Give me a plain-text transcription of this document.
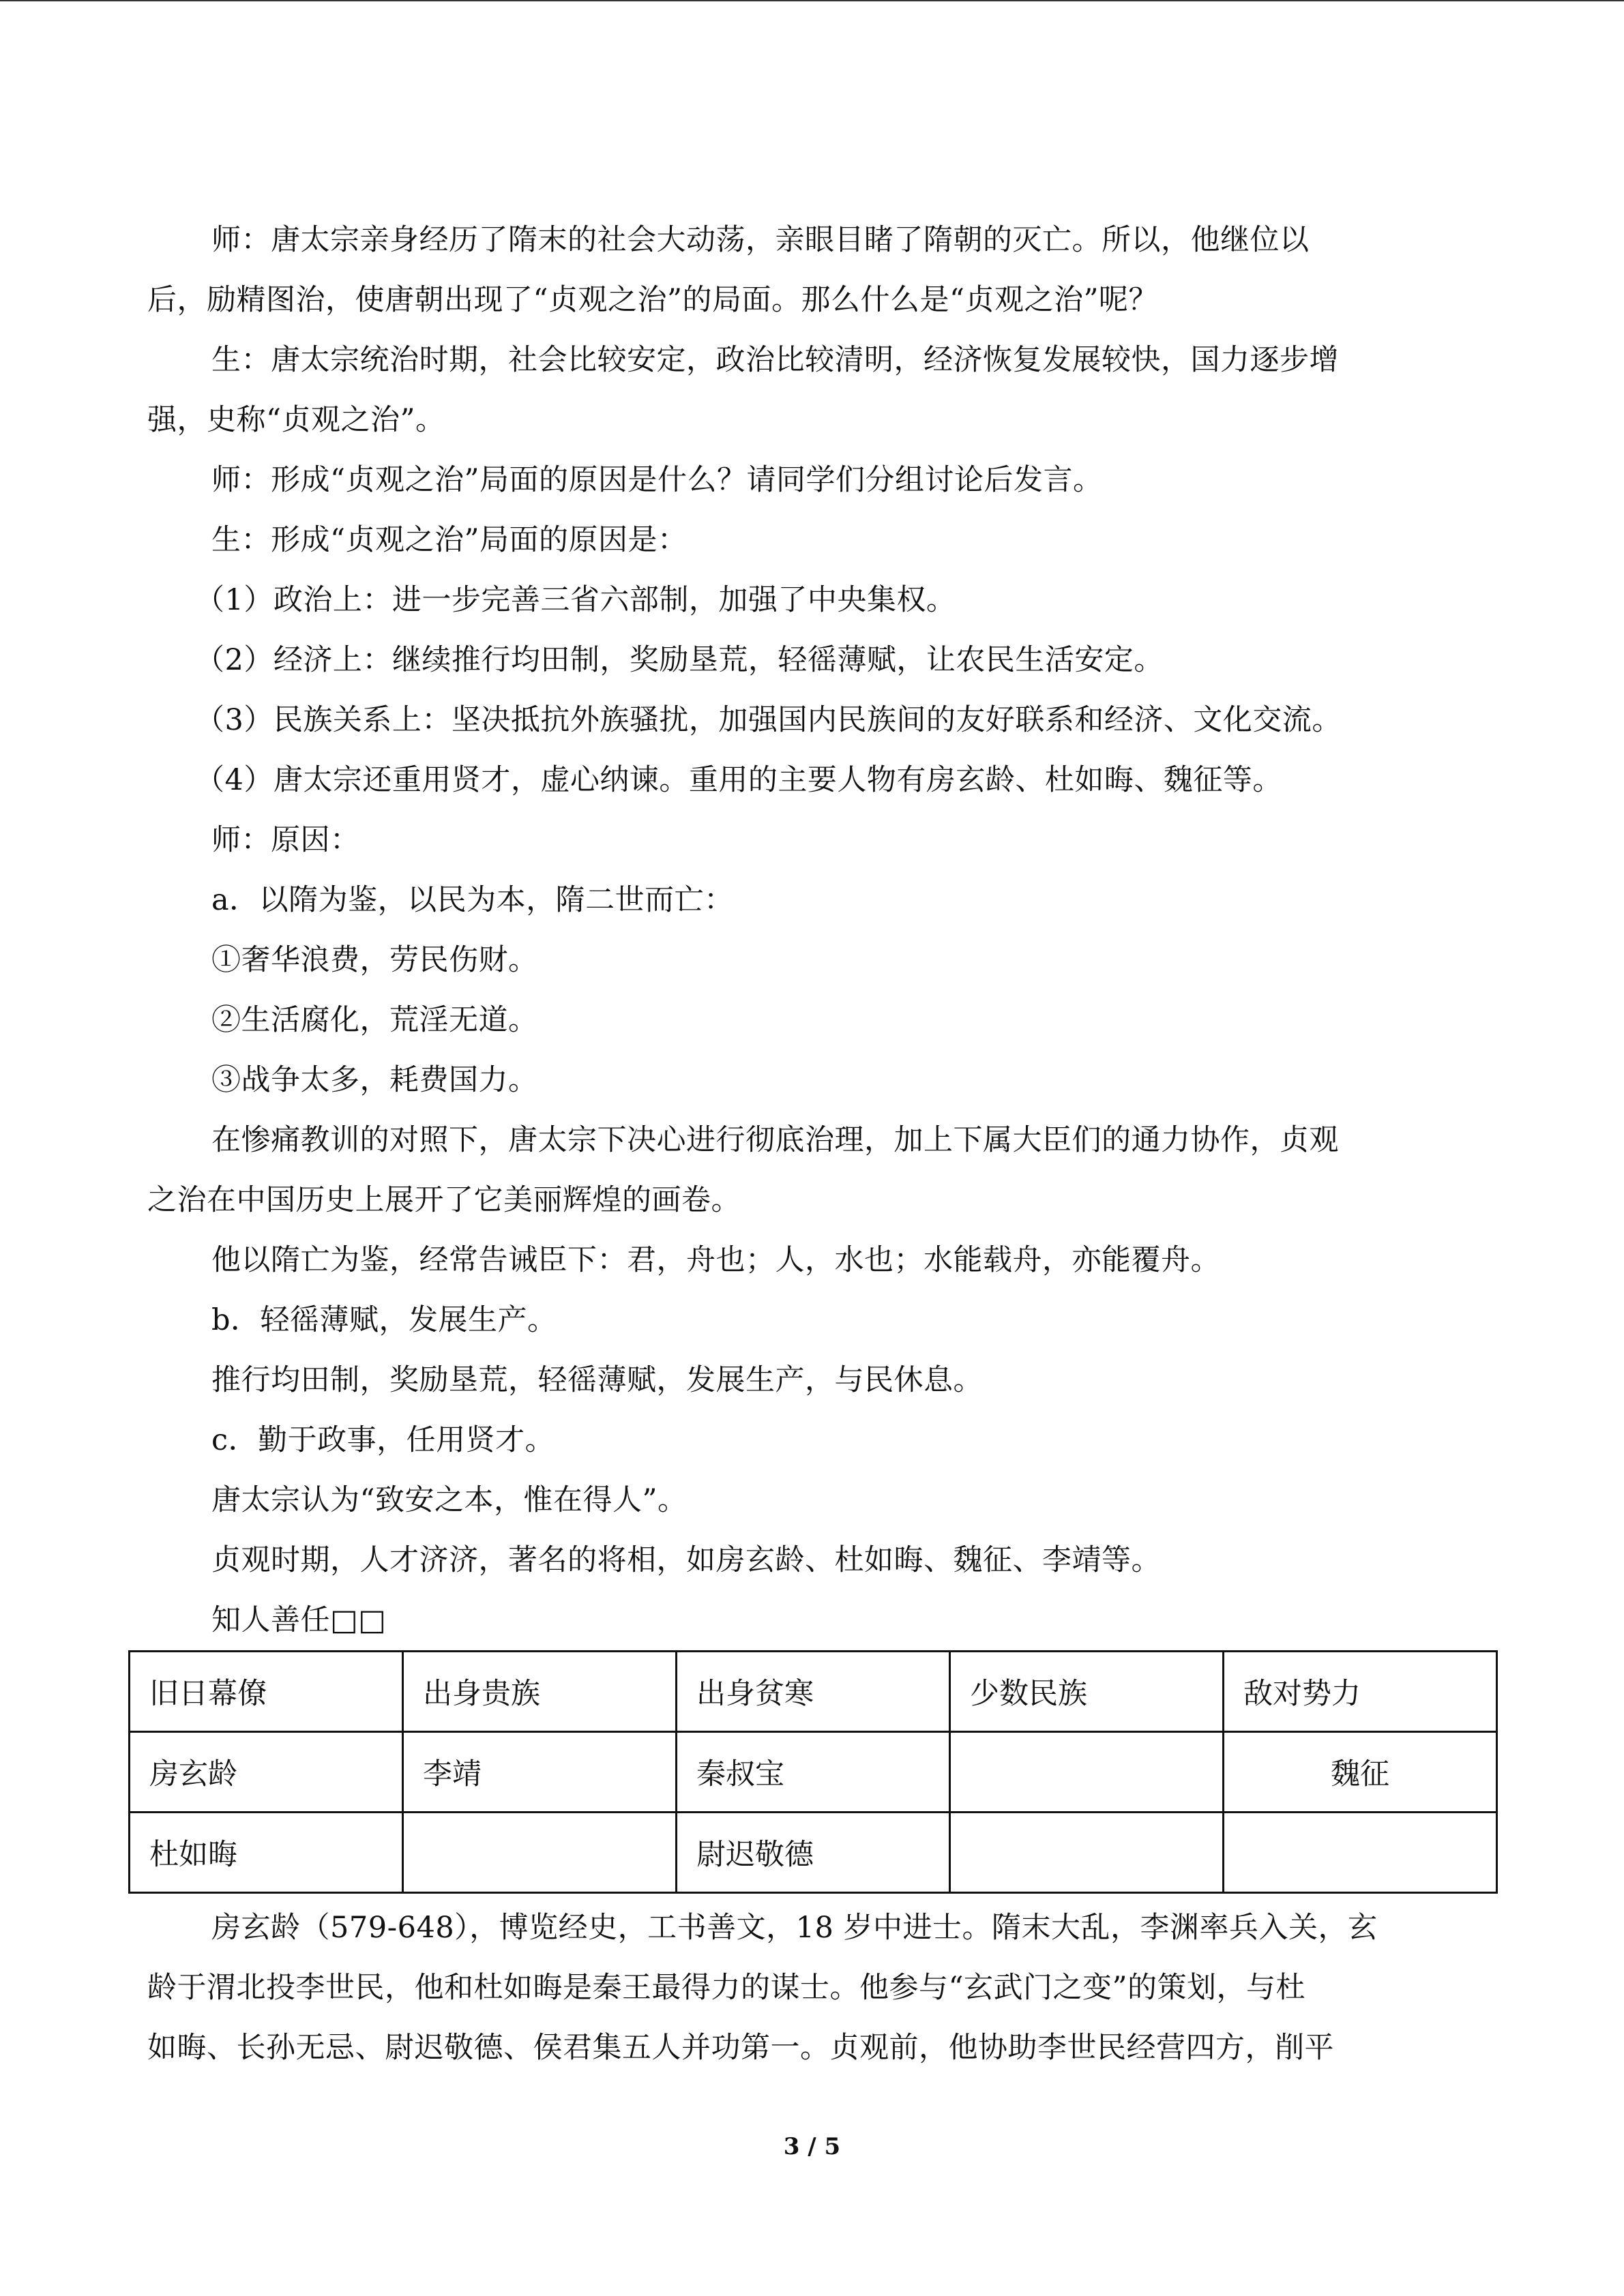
师：唐太宗亲身经历了隋末的社会大动荡，亲眼目睹了隋朝的灭亡。所以，他继位以

后，励精图治，使唐朝出现了“贞观之治”的局面。那么什么是“贞观之治”呢？

生：唐太宗统治时期，社会比较安定，政治比较清明，经济恢复发展较快，国力逐步增

强，史称“贞观之治”。

师：形成“贞观之治”局面的原因是什么？请同学们分组讨论后发言。

生：形成“贞观之治”局面的原因是：

（1）政治上：进一步完善三省六部制，加强了中央集权。

（2）经济上：继续推行均田制，奖励垦荒，轻徭薄赋，让农民生活安定。

（3）民族关系上：坚决抵抗外族骚扰，加强国内民族间的友好联系和经济、文化交流。

（4）唐太宗还重用贤才，虚心纳谏。重用的主要人物有房玄龄、杜如晦、魏征等。

师：原因：

a．以隋为鉴，以民为本，隋二世而亡：

①奢华浪费，劳民伤财。

②生活腐化，荒淫无道。

③战争太多，耗费国力。

在惨痛教训的对照下，唐太宗下决心进行彻底治理，加上下属大臣们的通力协作，贞观

之治在中国历史上展开了它美丽辉煌的画卷。

他以隋亡为鉴，经常告诫臣下：君，舟也；人，水也；水能载舟，亦能覆舟。

b．轻徭薄赋，发展生产。

推行均田制，奖励垦荒，轻徭薄赋，发展生产，与民休息。

c．勤于政事，任用贤才。

唐太宗认为“致安之本，惟在得人”。

贞观时期，人才济济，著名的将相，如房玄龄、杜如晦、魏征、李靖等。

知人善任□□

旧日幕僚	出身贵族	出身贫寒	少数民族	敌对势力
房玄龄	李靖	秦叔宝		魏征
杜如晦		尉迟敬德		

房玄龄（579-648），博览经史，工书善文，18 岁中进士。隋末大乱，李渊率兵入关，玄

龄于渭北投李世民，他和杜如晦是秦王最得力的谋士。他参与“玄武门之变”的策划，与杜

如晦、长孙无忌、尉迟敬德、侯君集五人并功第一。贞观前，他协助李世民经营四方，削平

3 / 5
